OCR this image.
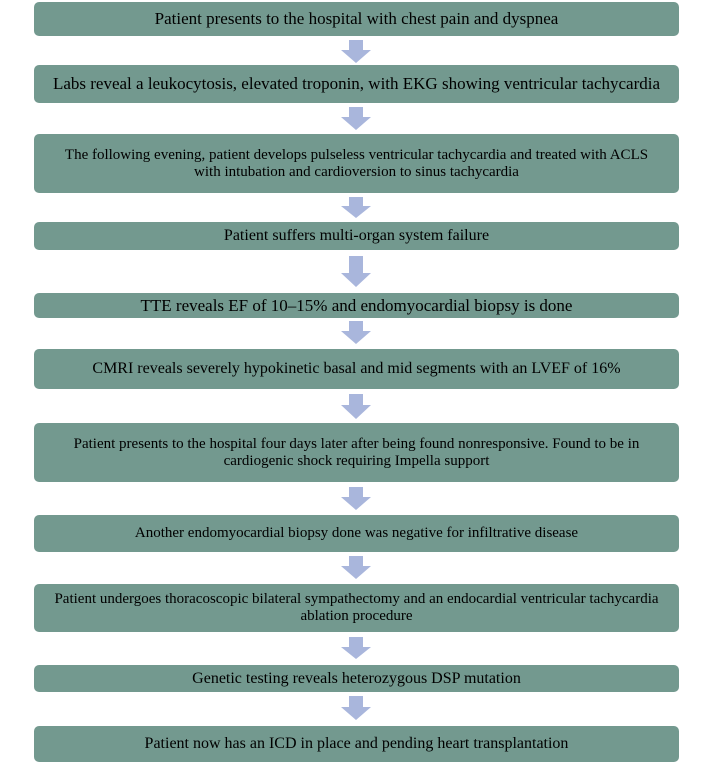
Patient presents to the hospital with chest pain and dyspnea
Labs reveal a leukocytosis, elevated troponin, with EKG showing ventricular tachycardia
The following evening, patient develops pulseless ventricular tachycardia and treated with ACLS with intubation and cardioversion to sinus tachycardia
Patient suffers multi-organ system failure
TTE reveals EF of 10–15% and endomyocardial biopsy is done
CMRI reveals severely hypokinetic basal and mid segments with an LVEF of 16%
Patient presents to the hospital four days later after being found nonresponsive. Found to be in cardiogenic shock requiring Impella support
Another endomyocardial biopsy done was negative for infiltrative disease
Patient undergoes thoracoscopic bilateral sympathectomy and an endocardial ventricular tachycardia ablation procedure
Genetic testing reveals heterozygous DSP mutation
Patient now has an ICD in place and pending heart transplantation
